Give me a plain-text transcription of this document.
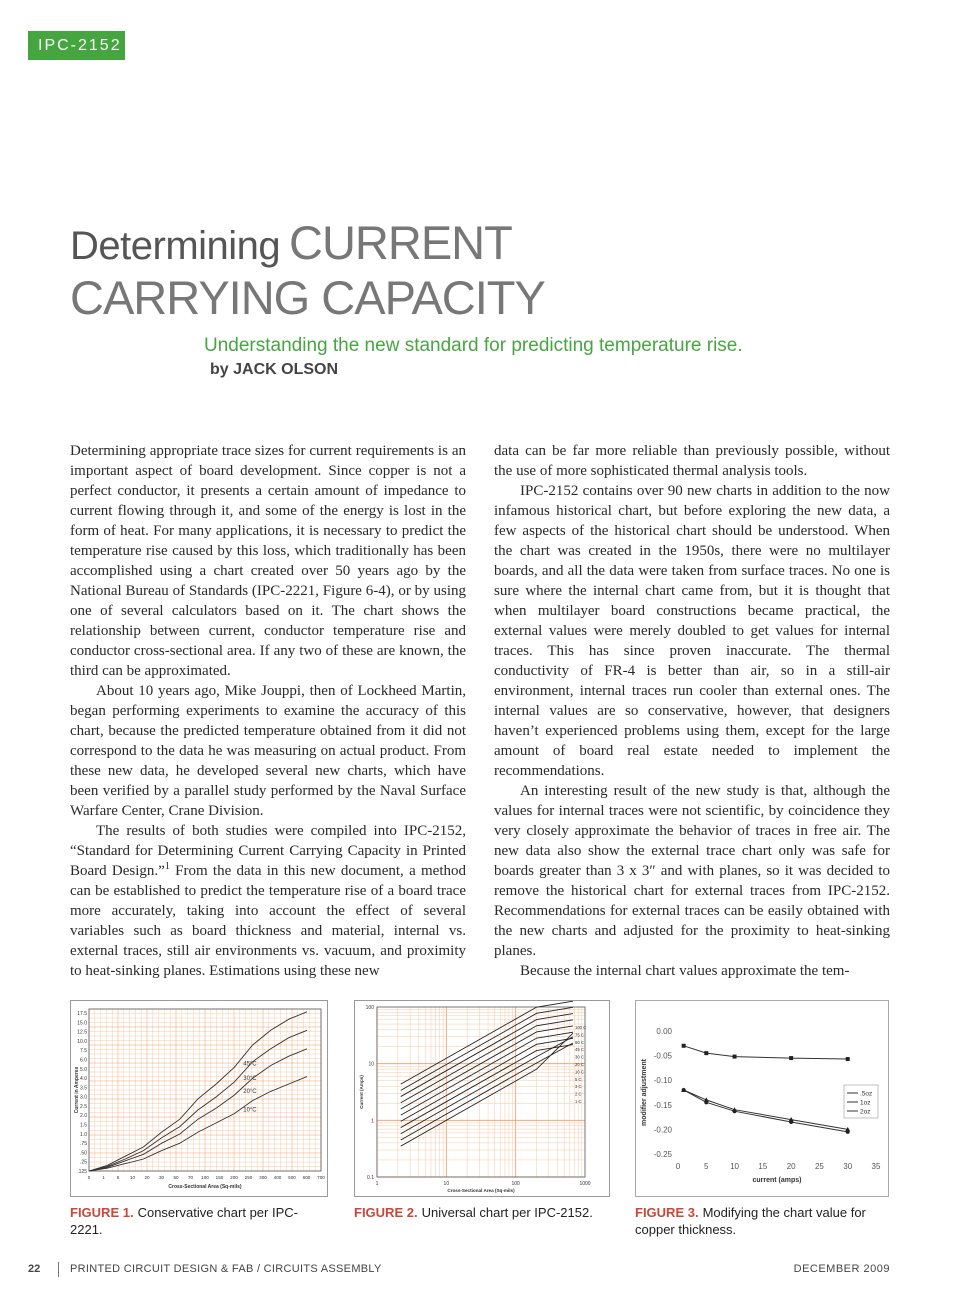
IPC-2152
Determining CURRENT
CARRYING CAPACITY

Understanding the new standard for predicting temperature rise. by JACK OLSON

Determining appropriate trace sizes for current requirements is an important aspect of board development. Since copper is not a perfect conductor, it presents a certain amount of impedance to current flowing through it, and some of the energy is lost in the form of heat. For many applications, it is necessary to predict the temperature rise caused by this loss, which traditionally has been accomplished using a chart created over 50 years ago by the National Bureau of Standards (IPC-2221, Figure 6-4), or by using one of several calculators based on it. The chart shows the relationship between current, conductor temperature rise and conductor cross-sectional area. If any two of these are known, the third can be approximated.

About 10 years ago, Mike Jouppi, then of Lockheed Martin, began performing experiments to examine the accuracy of this chart, because the predicted temperature obtained from it did not correspond to the data he was measuring on actual product. From these new data, he developed several new charts, which have been verified by a parallel study performed by the Naval Surface Warfare Center, Crane Division.

The results of both studies were compiled into IPC-2152, “Standard for Determining Current Carrying Capacity in Printed Board Design.”$^1$ From the data in this new document, a method can be established to predict the temperature rise of a board trace more accurately, taking into account the effect of several variables such as board thickness and material, internal vs. external traces, still air environments vs. vacuum, and proximity to heat-sinking planes. Estimations using these new

data can be far more reliable than previously possible, without the use of more sophisticated thermal analysis tools.

IPC-2152 contains over 90 new charts in addition to the now infamous historical chart, but before exploring the new data, a few aspects of the historical chart should be understood. When the chart was created in the 1950s, there were no multilayer boards, and all the data were taken from surface traces. No one is sure where the internal chart came from, but it is thought that when multilayer board constructions became practical, the external values were merely doubled to get values for internal traces. This has since proven inaccurate. The thermal conductivity of FR-4 is better than air, so in a still-air environment, internal traces run cooler than external ones. The internal values are so conservative, however, that designers haven’t experienced problems using them, except for the large amount of board real estate needed to implement the recommendations.

An interesting result of the new study is that, although the values for internal traces were not scientific, by coincidence they very closely approximate the behavior of traces in free air. The new data also show the external trace chart only was safe for boards greater than 3 x 3″ and with planes, so it was decided to remove the historical chart for external traces from IPC-2152. Recommendations for external traces can be easily obtained with the new charts and adjusted for the proximity to heat-sinking planes.

Because the internal chart values approximate the tem-

17.5
15.0
12.5
10.0
7.5
6.0
5.0
4.0
3.5
3.0
2.5
2.0
1.5
1.0
.75
.50
.25
.125
0	1	5 10 20 30 50 70 100 150 200 250 300 400 500 600 700
Cross-Sectional Area (Sq-mils)
Current in Amperes
45°C
30°C
20°C
10°C
1	10	100	1000
100
10
1
0.1
Cross-Sectional Area (Sq-mils)
Current (Amps)
100 C
75 C
60 C
45 C
30 C
20 C
10 C
5 C
3 C
2 C
1 C
0.00
-0.05
-0.10
-0.15
-0.20
-0.25
0	5	10 15 20 25 30 35
current (amps)
modifier adjustment	.5oz
1oz
2oz
FIGURE 1. Conservative chart per IPC-2221.
FIGURE 2. Universal chart per IPC-2152.	FIGURE 3. Modifying the chart value for copper thickness.
22	PRINTED CIRCUIT DESIGN & FAB / CIRCUITS ASSEMBLY	DECEMBER 2009
